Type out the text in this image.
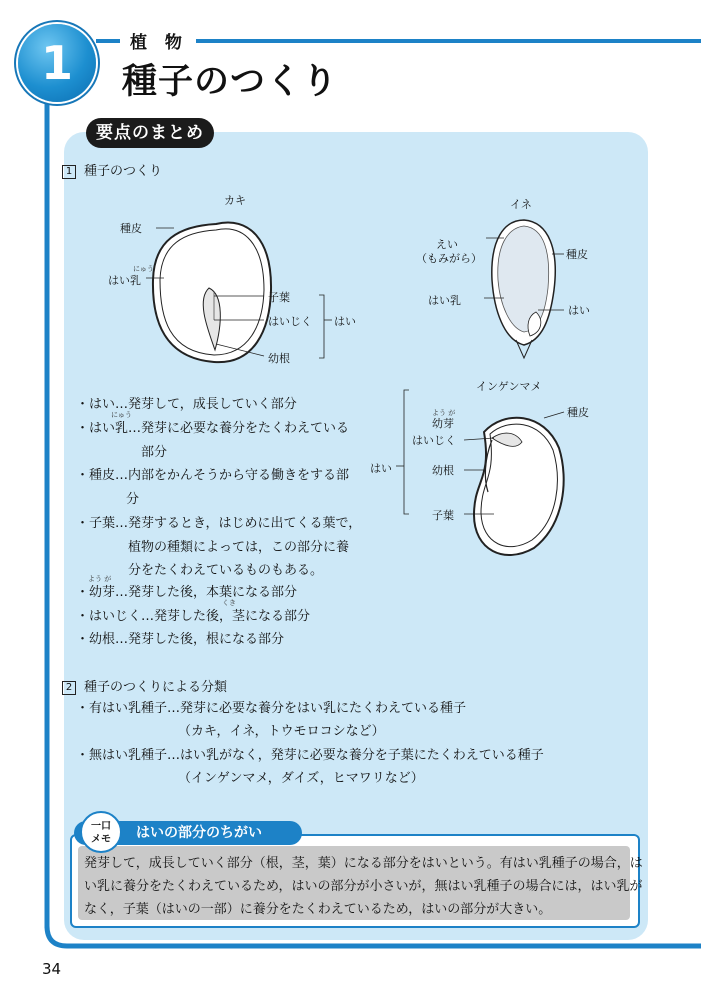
1	植 物
種子のつくり
要点のまとめ
1 種子のつくり
カキ
種皮
にゅう
はい乳
子葉
はいじく
幼根
はい
イネ
えい
（もみがら）	種皮
はい乳
はい
インゲンマメ
種皮
よう が
幼芽
はいじく
はい	幼根
子葉
・はい…発芽して，成長していく部分
にゅう
・はい乳…発芽に必要な養分をたくわえている
部分
・種皮…内部をかんそうから守る働きをする部
分
・子葉…発芽するとき，はじめに出てくる葉で，
植物の種類によっては，この部分に養
分をたくわえているものもある。
よう が
・幼芽…発芽した後，本葉になる部分
くき
・はいじく…発芽した後，茎になる部分
・幼根…発芽した後，根になる部分
2 種子のつくりによる分類
・有はい乳種子…発芽に必要な養分をはい乳にたくわえている種子
（カキ，イネ，トウモロコシなど）
・無はい乳種子…はい乳がなく，発芽に必要な養分を子葉にたくわえている種子
（インゲンマメ，ダイズ，ヒマワリなど）
はいの部分のちがい
一口
メモ
発芽して，成長していく部分（根，茎，葉）になる部分をはいという。有はい乳種子の場合，は
い乳に養分をたくわえているため，はいの部分が小さいが，無はい乳種子の場合には，はい乳が
なく，子葉（はいの一部）に養分をたくわえているため，はいの部分が大きい。
34
